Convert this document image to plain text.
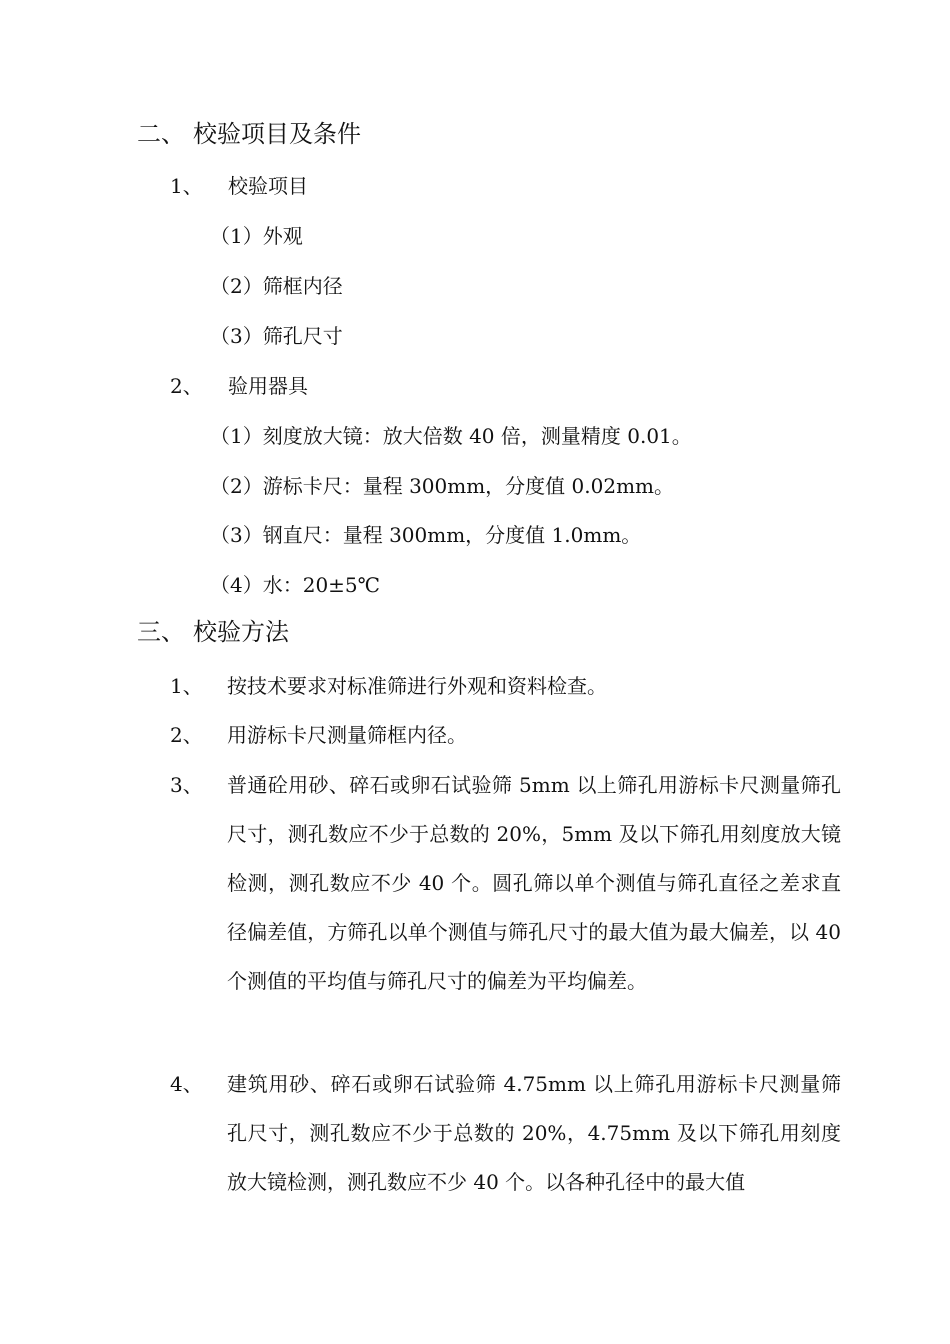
二、 校验项目及条件
1、 校验项目
（1）外观
（2）筛框内径
（3）筛孔尺寸
2、 验用器具
（1）刻度放大镜：放大倍数 40 倍，测量精度 0.01。
（2）游标卡尺：量程 300mm，分度值 0.02mm。
（3）钢直尺：量程 300mm，分度值 1.0mm。
（4）水：20±5℃
三、 校验方法
1、 按技术要求对标准筛进行外观和资料检查。
2、 用游标卡尺测量筛框内径。
3、 普通砼用砂、碎石或卵石试验筛 5mm 以上筛孔用游标卡尺测量筛孔尺寸，测孔数应不少于总数的 20%，5mm 及以下筛孔用刻度放大镜检测，测孔数应不少 40 个。圆孔筛以单个测值与筛孔直径之差求直径偏差值，方筛孔以单个测值与筛孔尺寸的最大值为最大偏差，以 40 个测值的平均值与筛孔尺寸的偏差为平均偏差。
4、 建筑用砂、碎石或卵石试验筛 4.75mm 以上筛孔用游标卡尺测量筛孔尺寸，测孔数应不少于总数的 20%，4.75mm 及以下筛孔用刻度放大镜检测，测孔数应不少 40 个。以各种孔径中的最大值
